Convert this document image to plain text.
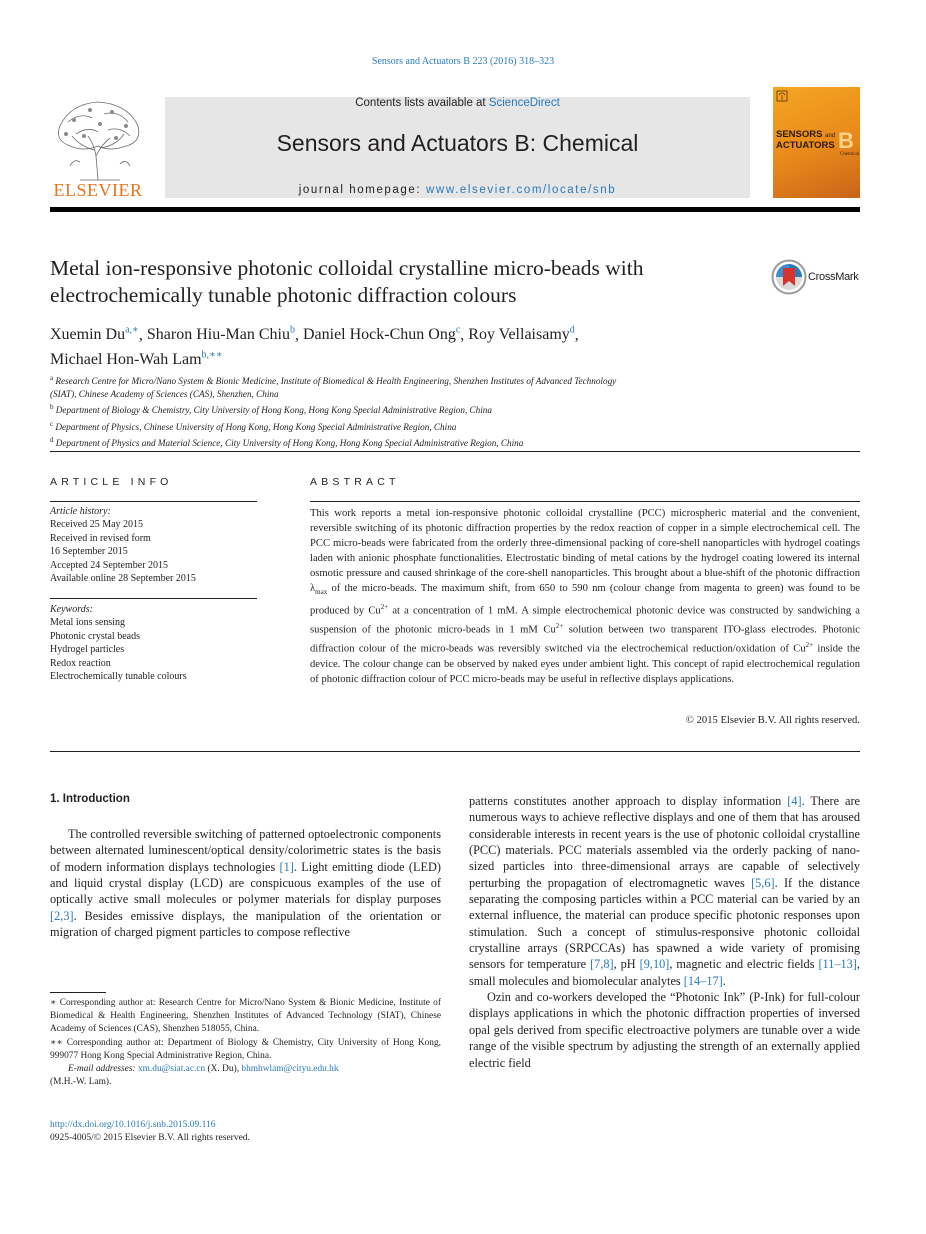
Sensors and Actuators B 223 (2016) 318–323
ELSEVIER
Contents lists available at ScienceDirect
Sensors and Actuators B: Chemical
journal homepage: www.elsevier.com/locate/snb
SENSORS and
ACTUATORS B
Chemical
Metal ion-responsive photonic colloidal crystalline micro-beads with
electrochemically tunable photonic diffraction colours
CrossMark
Xuemin $Du^{a,∗}$, Sharon Hiu-Man Chiu$^b$, Daniel Hock-Chun Ong$^c$, Roy Vellaisamy$^d$,
Michael Hon-Wah Lam$^{b,∗∗}$
$^a$ Research Centre for Micro/Nano System & Bionic Medicine, Institute of Biomedical & Health Engineering, Shenzhen Institutes of Advanced Technology
(SIAT), Chinese Academy of Sciences (CAS), Shenzhen, China
$^b$ Department of Biology & Chemistry, City University of Hong Kong, Hong Kong Special Administrative Region, China
$^c$ Department of Physics, Chinese University of Hong Kong, Hong Kong Special Administrative Region, China
$^d$ Department of Physics and Material Science, City University of Hong Kong, Hong Kong Special Administrative Region, China
ARTICLE INFO
Article history:
Received 25 May 2015
Received in revised form
16 September 2015
Accepted 24 September 2015
Available online 28 September 2015
Keywords:
Metal ions sensing
Photonic crystal beads
Hydrogel particles
Redox reaction
Electrochemically tunable colours
ABSTRACT
This work reports a metal ion-responsive photonic colloidal crystalline (PCC) microspheric material and the convenient, reversible switching of its photonic diffraction properties by the redox reaction of copper in a simple electrochemical cell. The PCC micro-beads were fabricated from the orderly three-dimensional packing of core-shell nanoparticles with hydrogel coatings laden with anionic phosphate functionalities. Electrostatic binding of metal cations by the hydrogel coating lowered its internal osmotic pressure and caused shrinkage of the core-shell nanoparticles. This brought about a blue-shift of the photonic diffraction $\lambda_{max}$ of the micro-beads. The maximum shift, from 650 to 590 nm (colour change from magenta to green) was found to be produced by $Cu^{2+}$ at a concentration of 1 mM. A simple electrochemical photonic device was constructed by sandwiching a suspension of the photonic micro-beads in 1 mM $Cu^{2+}$ solution between two transparent ITO-glass electrodes. Photonic diffraction colour of the micro-beads was reversibly switched via the electrochemical reduction/oxidation of $Cu^{2+}$ inside the device. The colour change can be observed by naked eyes under ambient light. This concept of rapid electrochemical regulation of photonic diffraction colour of PCC micro-beads may be useful in reflective displays applications.
© 2015 Elsevier B.V. All rights reserved.
1. Introduction
The controlled reversible switching of patterned optoelectronic components between alternated luminescent/optical density/colorimetric states is the basis of modern information displays technologies [1]. Light emitting diode (LED) and liquid crystal display (LCD) are conspicuous examples of the use of optically active small molecules or polymer materials for display purposes [2,3]. Besides emissive displays, the manipulation of the orientation or migration of charged pigment particles to compose reflective
patterns constitutes another approach to display information [4]. There are numerous ways to achieve reflective displays and one of them that has aroused considerable interests in recent years is the use of photonic colloidal crystalline (PCC) materials. PCC materials assembled via the orderly packing of nano-sized particles into three-dimensional arrays are capable of selectively perturbing the propagation of electromagnetic waves [5,6]. If the distance separating the composing particles within a PCC material can be varied by an external influence, the material can produce specific photonic responses upon stimulation. Such a concept of stimulus-responsive photonic colloidal crystalline arrays (SRPCCAs) has spawned a wide variety of promising sensors for temperature [7,8], pH [9,10], magnetic and electric fields [11–13], small molecules and biomolecular analytes [14–17].
Ozin and co-workers developed the “Photonic Ink” (P-Ink) for full-colour displays applications in which the photonic diffraction properties of inversed opal gels derived from specific electroactive polymers are tunable over a wide range of the visible spectrum by adjusting the strength of an externally applied electric field
∗ Corresponding author at: Research Centre for Micro/Nano System & Bionic Medicine, Institute of Biomedical & Health Engineering, Shenzhen Institutes of Advanced Technology (SIAT), Chinese Academy of Sciences (CAS), Shenzhen 518055, China.
∗∗ Corresponding author at: Department of Biology & Chemistry, City University of Hong Kong, 999077 Hong Kong Special Administrative Region, China.
E-mail addresses: xm.du@siat.ac.cn (X. Du), bhmhwlam@cityu.edu.hk
(M.H.-W. Lam).
http://dx.doi.org/10.1016/j.snb.2015.09.116
0925-4005/© 2015 Elsevier B.V. All rights reserved.
